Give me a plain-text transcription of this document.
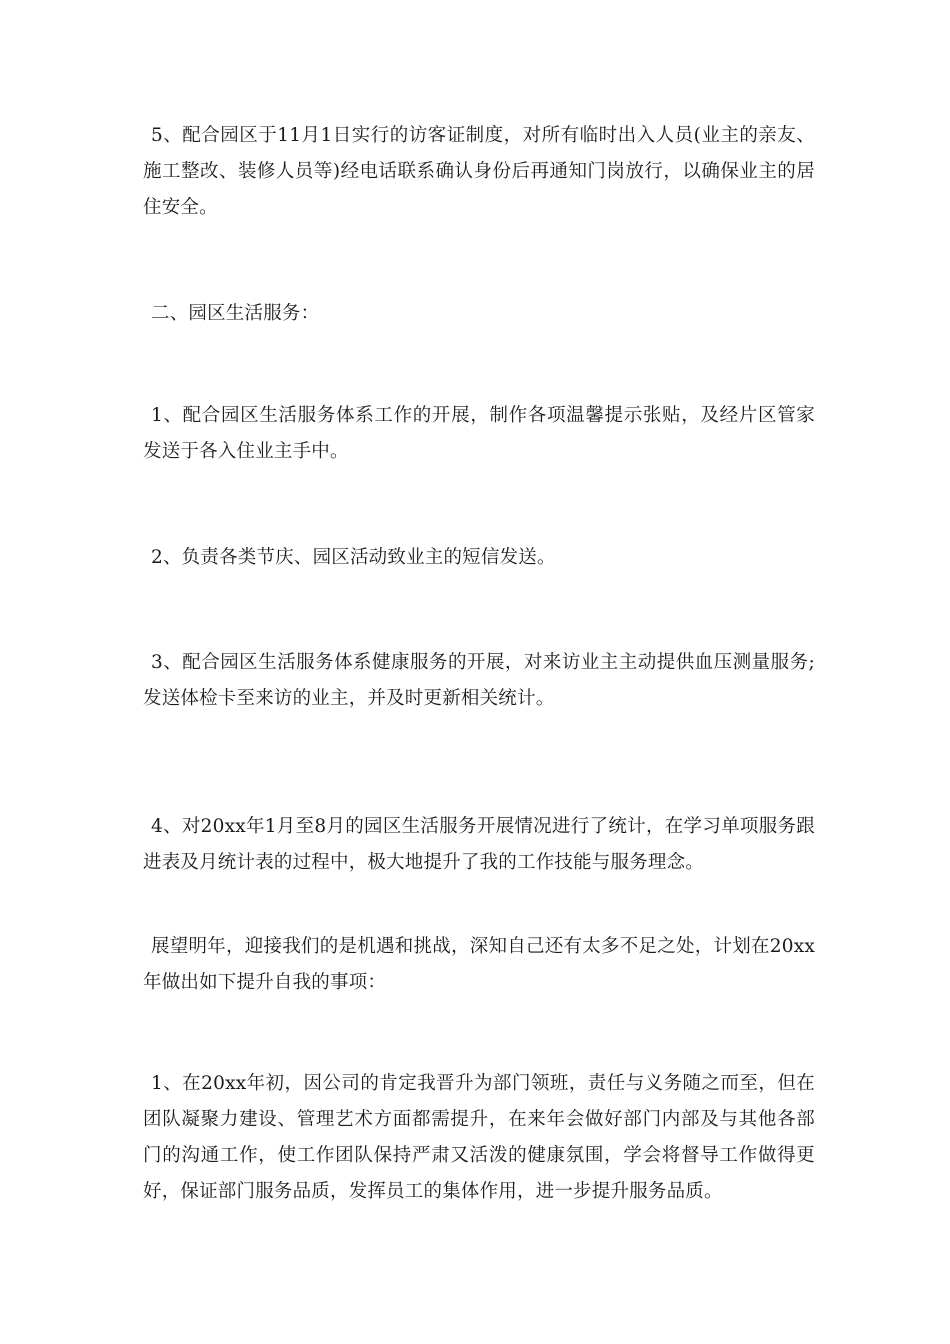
5、配合园区于11月1日实行的访客证制度，对所有临时出入人员(业主的亲友、施工整改、装修人员等)经电话联系确认身份后再通知门岗放行，以确保业主的居住安全。

二、园区生活服务：

1、配合园区生活服务体系工作的开展，制作各项温馨提示张贴，及经片区管家发送于各入住业主手中。

2、负责各类节庆、园区活动致业主的短信发送。

3、配合园区生活服务体系健康服务的开展，对来访业主主动提供血压测量服务;发送体检卡至来访的业主，并及时更新相关统计。

4、对20xx年1月至8月的园区生活服务开展情况进行了统计，在学习单项服务跟进表及月统计表的过程中，极大地提升了我的工作技能与服务理念。

展望明年，迎接我们的是机遇和挑战，深知自己还有太多不足之处，计划在20xx年做出如下提升自我的事项：

1、在20xx年初，因公司的肯定我晋升为部门领班，责任与义务随之而至，但在团队凝聚力建设、管理艺术方面都需提升，在来年会做好部门内部及与其他各部门的沟通工作，使工作团队保持严肃又活泼的健康氛围，学会将督导工作做得更好，保证部门服务品质，发挥员工的集体作用，进一步提升服务品质。
